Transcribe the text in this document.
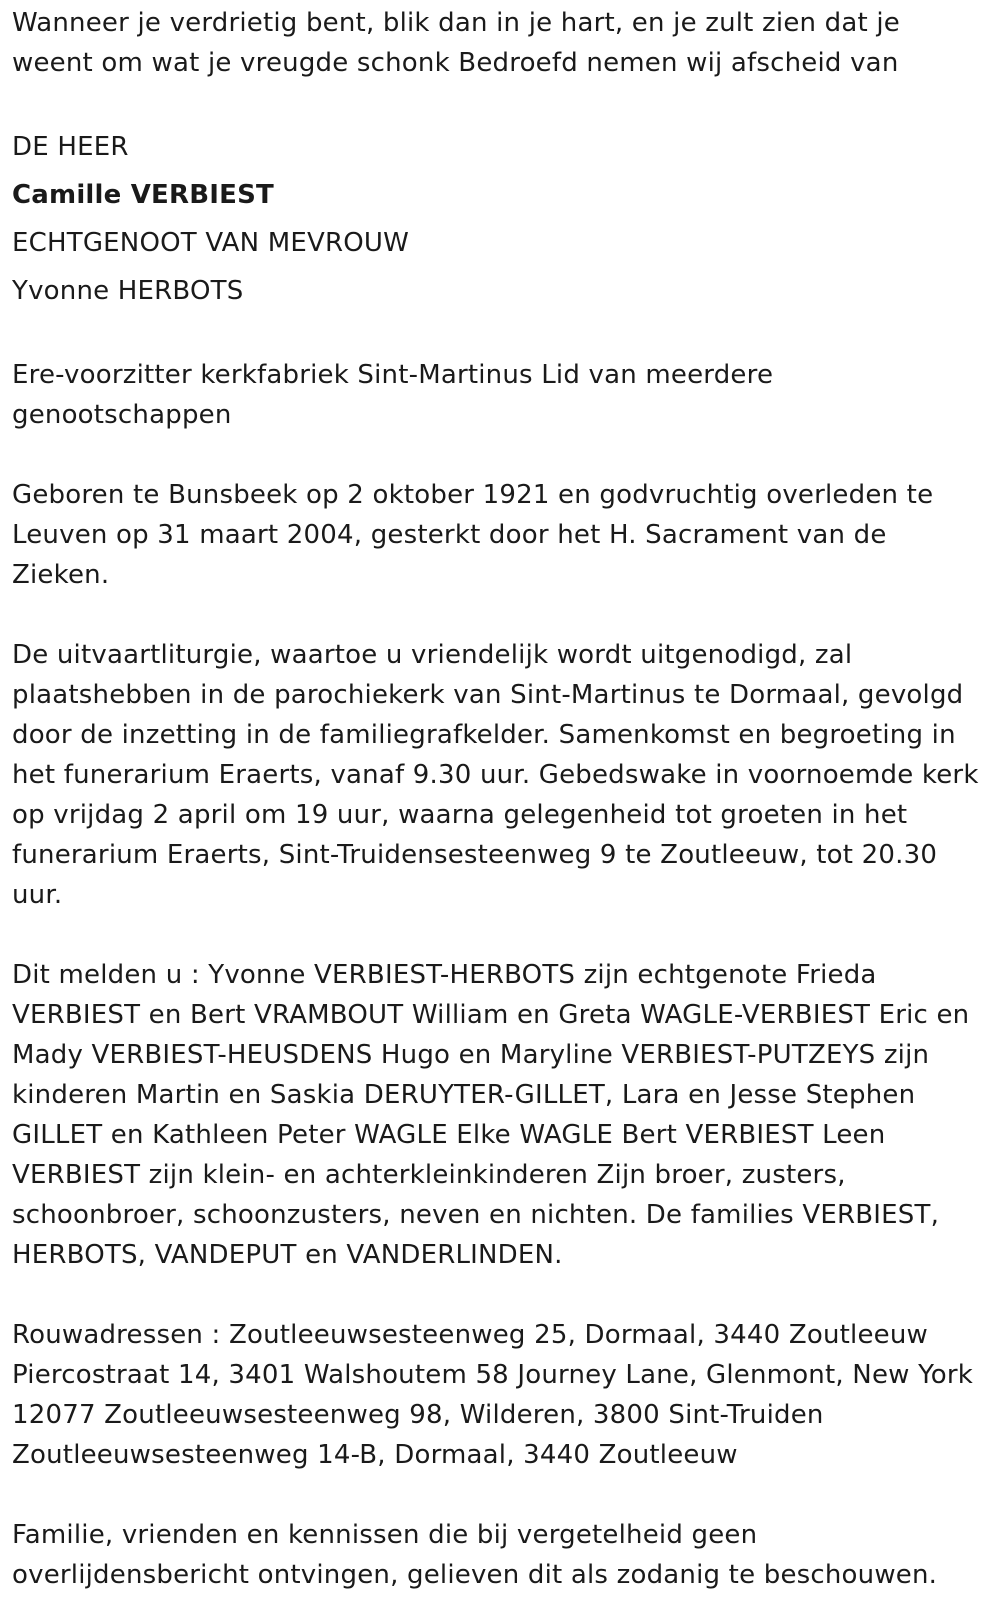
Wanneer je verdrietig bent, blik dan in je hart, en je zult zien dat je

weent om wat je vreugde schonk Bedroefd nemen wij afscheid van

DE HEER

Camille VERBIEST

ECHTGENOOT VAN MEVROUW

Yvonne HERBOTS

Ere-voorzitter kerkfabriek Sint-Martinus Lid van meerdere

genootschappen

Geboren te Bunsbeek op 2 oktober 1921 en godvruchtig overleden te

Leuven op 31 maart 2004, gesterkt door het H. Sacrament van de

Zieken.

De uitvaartliturgie, waartoe u vriendelijk wordt uitgenodigd, zal

plaatshebben in de parochiekerk van Sint-Martinus te Dormaal, gevolgd

door de inzetting in de familiegrafkelder. Samenkomst en begroeting in

het funerarium Eraerts, vanaf 9.30 uur. Gebedswake in voornoemde kerk

op vrijdag 2 april om 19 uur, waarna gelegenheid tot groeten in het

funerarium Eraerts, Sint-Truidensesteenweg 9 te Zoutleeuw, tot 20.30

uur.

Dit melden u : Yvonne VERBIEST-HERBOTS zijn echtgenote Frieda

VERBIEST en Bert VRAMBOUT William en Greta WAGLE-VERBIEST Eric en

Mady VERBIEST-HEUSDENS Hugo en Maryline VERBIEST-PUTZEYS zijn

kinderen Martin en Saskia DERUYTER-GILLET, Lara en Jesse Stephen

GILLET en Kathleen Peter WAGLE Elke WAGLE Bert VERBIEST Leen

VERBIEST zijn klein- en achterkleinkinderen Zijn broer, zusters,

schoonbroer, schoonzusters, neven en nichten. De families VERBIEST,

HERBOTS, VANDEPUT en VANDERLINDEN.

Rouwadressen : Zoutleeuwsesteenweg 25, Dormaal, 3440 Zoutleeuw

Piercostraat 14, 3401 Walshoutem 58 Journey Lane, Glenmont, New York

12077 Zoutleeuwsesteenweg 98, Wilderen, 3800 Sint-Truiden

Zoutleeuwsesteenweg 14-B, Dormaal, 3440 Zoutleeuw

Familie, vrienden en kennissen die bij vergetelheid geen

overlijdensbericht ontvingen, gelieven dit als zodanig te beschouwen.
